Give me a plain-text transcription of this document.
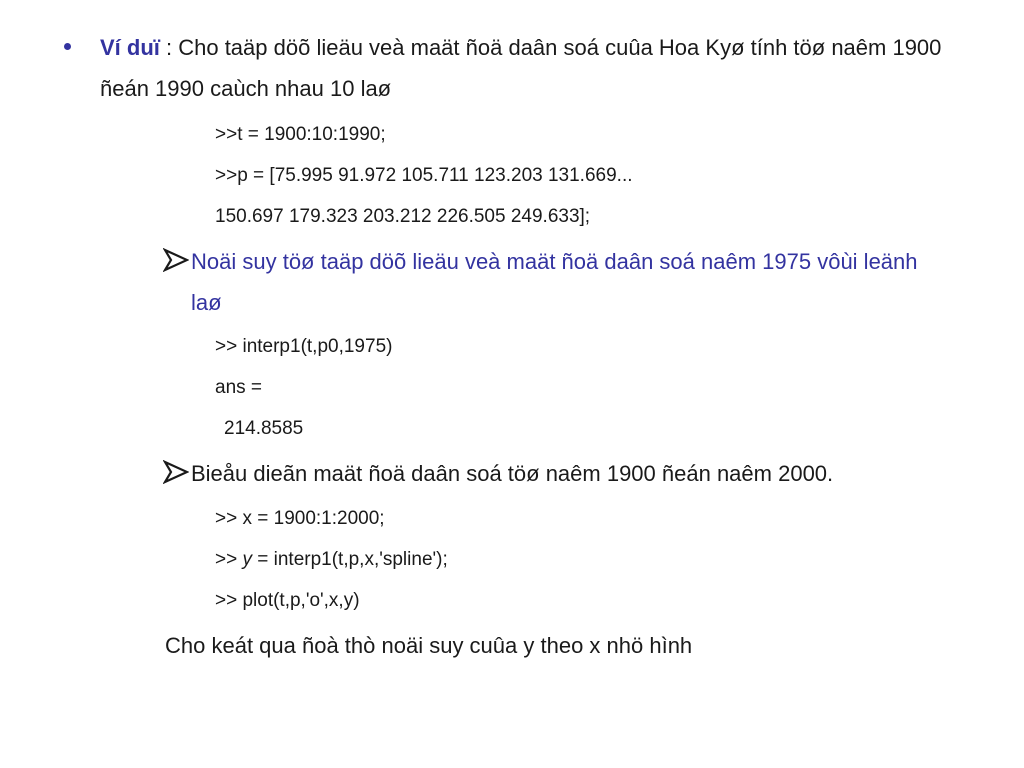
Ví duï : Cho taäp döõ lieäu veà maät ñoä daân soá cuûa Hoa Kyø tính töø naêm 1900
ñeán 1990 caùch nhau 10 laø
>>t = 1900:10:1990;
>>p = [75.995 91.972 105.711 123.203 131.669...
150.697 179.323 203.212 226.505 249.633];
Noäi suy töø taäp döõ lieäu veà maät ñoä daân soá naêm 1975 vôùi leänh
laø
>> interp1(t,p0,1975)
ans =
214.8585
Bieåu dieãn maät ñoä daân soá töø naêm 1900 ñeán naêm 2000.
>> x = 1900:1:2000;
>> y = interp1(t,p,x,'spline');
>> plot(t,p,'o',x,y)
Cho keát qua ñoà thò noäi suy cuûa y theo x nhö hình
